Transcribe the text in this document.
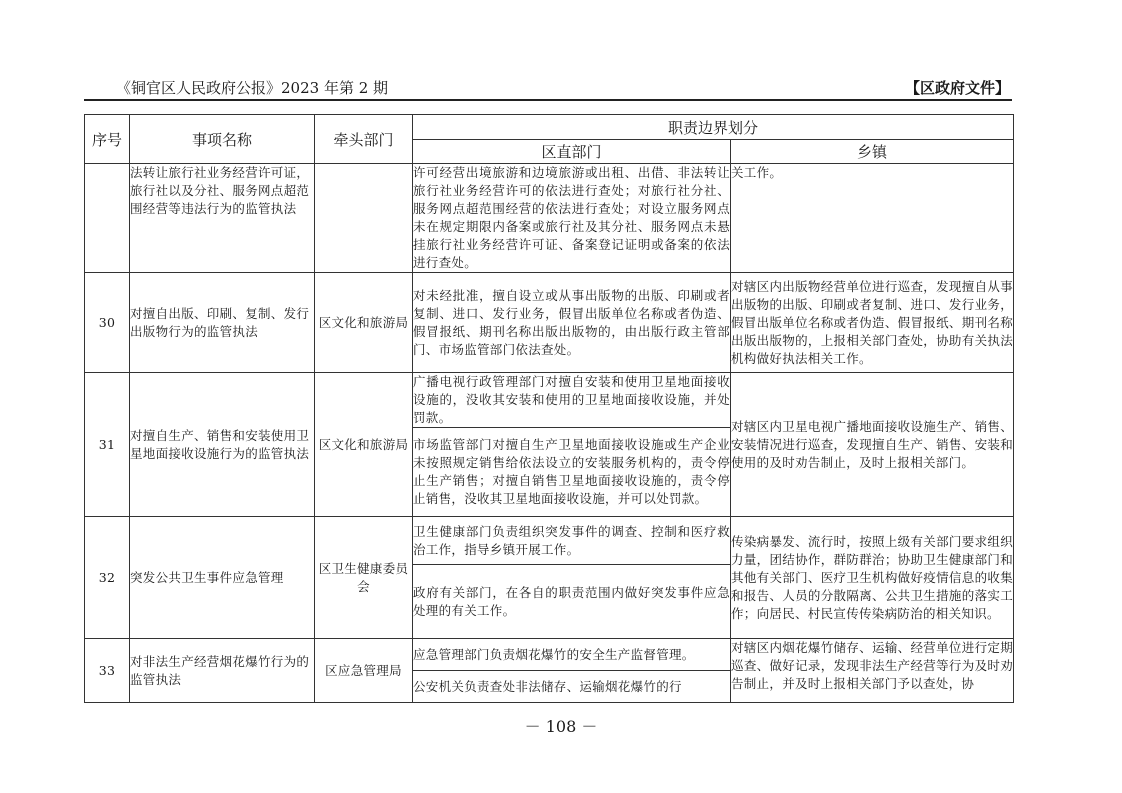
《铜官区人民政府公报》2023 年第 2 期	【区政府文件】
序号	事项名称	牵头部门	职责边界划分	
			区直部门	乡镇
	法转让旅行社业务经营许可证，旅行社以及分社、服务网点超范围经营等违法行为的监管执法		许可经营出境旅游和边境旅游或出租、出借、非法转让旅行社业务经营许可的依法进行查处；对旅行社分社、服务网点超范围经营的依法进行查处；对设立服务网点未在规定期限内备案或旅行社及其分社、服务网点未悬挂旅行社业务经营许可证、备案登记证明或备案的依法进行查处。	关工作。
30	对擅自出版、印刷、复制、发行出版物行为的监管执法	区文化和旅游局	对未经批准，擅自设立或从事出版物的出版、印刷或者复制、进口、发行业务，假冒出版单位名称或者伪造、假冒报纸、期刊名称出版出版物的，由出版行政主管部门、市场监管部门依法查处。	对辖区内出版物经营单位进行巡查，发现擅自从事出版物的出版、印刷或者复制、进口、发行业务，假冒出版单位名称或者伪造、假冒报纸、期刊名称出版出版物的，上报相关部门查处，协助有关执法机构做好执法相关工作。
31	对擅自生产、销售和安装使用卫星地面接收设施行为的监管执法	区文化和旅游局	广播电视行政管理部门对擅自安装和使用卫星地面接收设施的，没收其安装和使用的卫星地面接收设施，并处罚款。	对辖区内卫星电视广播地面接收设施生产、销售、安装情况进行巡查，发现擅自生产、销售、安装和使用的及时劝告制止，及时上报相关部门。
			市场监管部门对擅自生产卫星地面接收设施或生产企业未按照规定销售给依法设立的安装服务机构的，责令停止生产销售；对擅自销售卫星地面接收设施的，责令停止销售，没收其卫星地面接收设施，并可以处罚款。	
32	突发公共卫生事件应急管理	区卫生健康委员会	卫生健康部门负责组织突发事件的调查、控制和医疗救治工作，指导乡镇开展工作。	传染病暴发、流行时，按照上级有关部门要求组织力量，团结协作，群防群治；协助卫生健康部门和其他有关部门、医疗卫生机构做好疫情信息的收集和报告、人员的分散隔离、公共卫生措施的落实工作；向居民、村民宣传传染病防治的相关知识。
			政府有关部门，在各自的职责范围内做好突发事件应急处理的有关工作。	
33	对非法生产经营烟花爆竹行为的监管执法	区应急管理局	应急管理部门负责烟花爆竹的安全生产监督管理。	对辖区内烟花爆竹储存、运输、经营单位进行定期巡查、做好记录，发现非法生产经营等行为及时劝告制止，并及时上报相关部门予以查处，协
			公安机关负责查处非法储存、运输烟花爆竹的行	
－ 108 －
